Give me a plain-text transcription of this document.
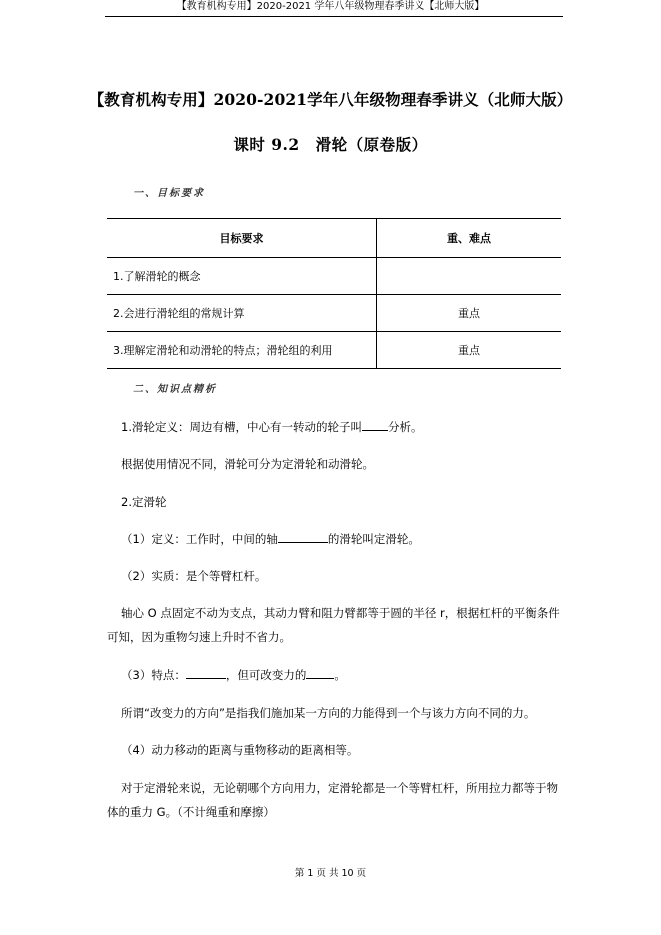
【教育机构专用】2020-2021 学年八年级物理春季讲义【北师大版】
【教育机构专用】2020-2021学年八年级物理春季讲义（北师大版）
课时 9.2　滑轮（原卷版）
一、目标要求
目标要求	重、难点
1.了解滑轮的概念	
2.会进行滑轮组的常规计算	重点
3.理解定滑轮和动滑轮的特点；滑轮组的利用	重点
二、知识点精析
1.滑轮定义：周边有槽，中心有一转动的轮子叫 分析。
根据使用情况不同，滑轮可分为定滑轮和动滑轮。
2.定滑轮
（1）定义：工作时，中间的轴	的滑轮叫定滑轮。
（2）实质：是个等臂杠杆。
轴心 O 点固定不动为支点，其动力臂和阻力臂都等于圆的半径 r，根据杠杆的平衡条件可知，因为重物匀速上升时不省力。
（3）特点：	，但可改变力的 。
所谓“改变力的方向”是指我们施加某一方向的力能得到一个与该力方向不同的力。
（4）动力移动的距离与重物移动的距离相等。
对于定滑轮来说，无论朝哪个方向用力，定滑轮都是一个等臂杠杆，所用拉力都等于物体的重力 G。（不计绳重和摩擦）
第 1 页 共 10 页
